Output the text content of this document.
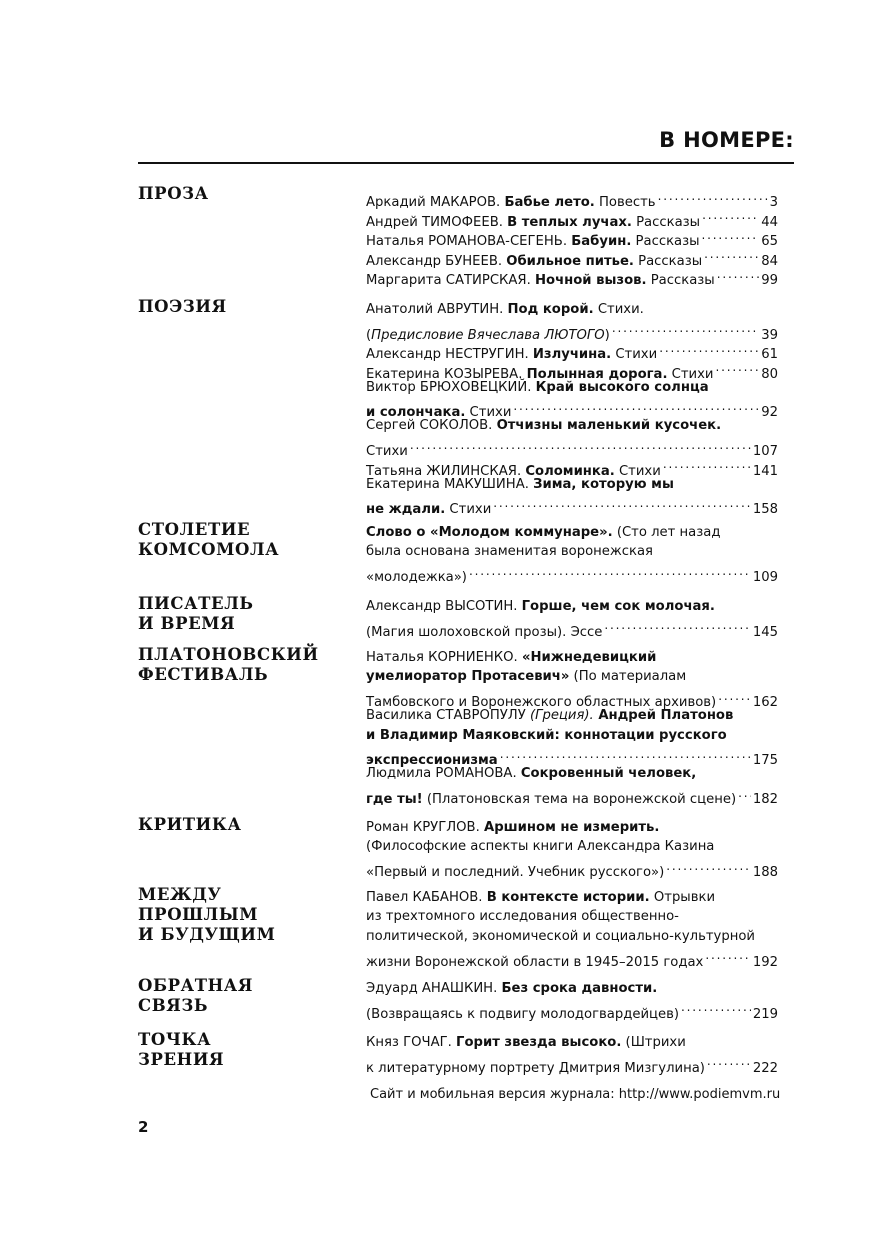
В НОМЕРЕ:
ПРОЗА	Аркадий МАКАРОВ. Бабье лето. Повесть . . .	3
Андрей ТИМОФЕЕВ. В теплых лучах. Рассказы . . .	44
Наталья РОМАНОВА-СЕГЕНЬ. Бабуин. Рассказы . . .	65
Александр БУНЕЕВ. Обильное питье. Рассказы . . .	84
Маргарита САТИРСКАЯ. Ночной вызов. Рассказы . . .	99
ПОЭЗИЯ	Анатолий АВРУТИН. Под корой. Стихи.
(Предисловие Вячеслава ЛЮТОГО) . . .	39
Александр НЕСТРУГИН. Излучина. Стихи . . .	61
Екатерина КОЗЫРЕВА. Полынная дорога. Стихи . . .	80
Виктор БРЮХОВЕЦКИЙ. Край высокого солнца
и солончака. Стихи . . .	92
Сергей СОКОЛОВ. Отчизны маленький кусочек.
Стихи . . .	107
Татьяна ЖИЛИНСКАЯ. Соломинка. Стихи . . .	141
Екатерина МАКУШИНА. Зима, которую мы
не ждали. Стихи . . .	158
СТОЛЕТИЕ
КОМСОМОЛА
Слово о «Молодом коммунаре». (Сто лет назад
была основана знаменитая воронежская
«молодежка») . . .	109
ПИСАТЕЛЬ
И ВРЕМЯ
Александр ВЫСОТИН. Горше, чем сок молочая.
(Магия шолоховской прозы). Эссе . . .	145
ПЛАТОНОВСКИЙ
ФЕСТИВАЛЬ
Наталья КОРНИЕНКО. «Нижнедевицкий
умелиоратор Протасевич» (По материалам
Тамбовского и Воронежского областных архивов) . . .	162
Василика СТАВРОПУЛУ (Греция). Андрей Платонов
и Владимир Маяковский: коннотации русского
экспрессионизма . . .	175
Людмила РОМАНОВА. Сокровенный человек,
где ты! (Платоновская тема на воронежской сцене) . . . 182
КРИТИКА	Роман КРУГЛОВ. Аршином не измерить.
(Философские аспекты книги Александра Казина
«Первый и последний. Учебник русского») . . .	188
МЕЖДУ
ПРОШЛЫМ
И БУДУЩИМ
Павел КАБАНОВ. В контексте истории. Отрывки
из трехтомного исследования общественно-
политической, экономической и социально-культурной
жизни Воронежской области в 1945–2015 годах . . .	192
ОБРАТНАЯ
СВЯЗЬ
Эдуард АНАШКИН. Без срока давности.
(Возвращаясь к подвигу молодогвардейцев) . . .	219
ТОЧКА
ЗРЕНИЯ
Княз ГОЧАГ. Горит звезда высоко. (Штрихи
к литературному портрету Дмитрия Мизгулина) . . .	222
Сайт и мобильная версия журнала: http://www.podiemvm.ru
2
